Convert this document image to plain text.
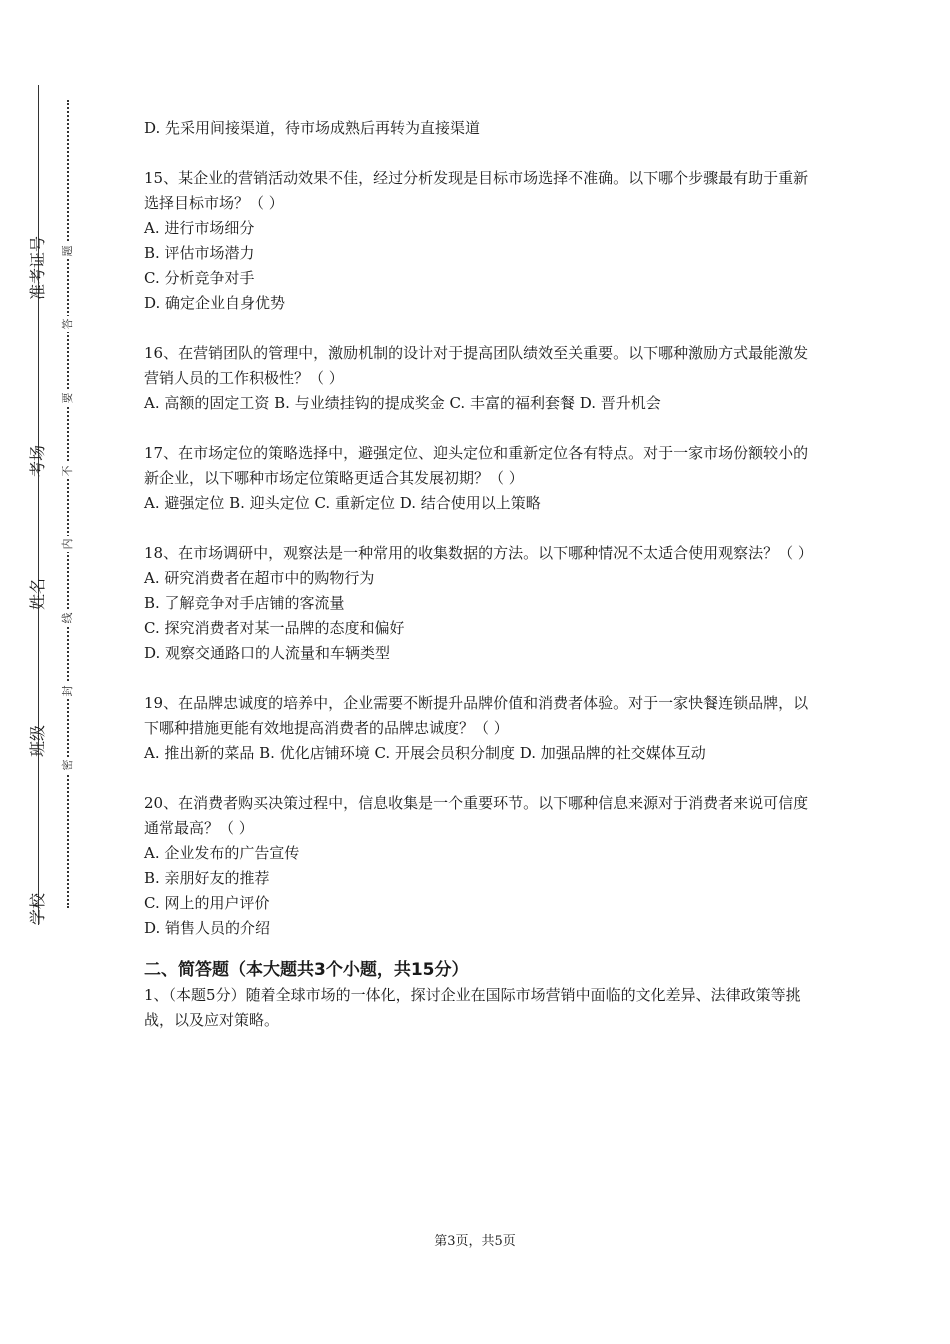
准考证号
考场
姓名
班级
学校
题
答
要
不
内
线
封
密

D. 先采用间接渠道，待市场成熟后再转为直接渠道

15、某企业的营销活动效果不佳，经过分析发现是目标市场选择不准确。以下哪个步骤最有助于重新选择目标市场？（ ）

A. 进行市场细分

B. 评估市场潜力

C. 分析竞争对手

D. 确定企业自身优势

16、在营销团队的管理中，激励机制的设计对于提高团队绩效至关重要。以下哪种激励方式最能激发营销人员的工作积极性？（ ）

A. 高额的固定工资 B. 与业绩挂钩的提成奖金 C. 丰富的福利套餐 D. 晋升机会

17、在市场定位的策略选择中，避强定位、迎头定位和重新定位各有特点。对于一家市场份额较小的新企业，以下哪种市场定位策略更适合其发展初期？（ ）

A. 避强定位 B. 迎头定位 C. 重新定位 D. 结合使用以上策略

18、在市场调研中，观察法是一种常用的收集数据的方法。以下哪种情况不太适合使用观察法？（ ）

A. 研究消费者在超市中的购物行为

B. 了解竞争对手店铺的客流量

C. 探究消费者对某一品牌的态度和偏好

D. 观察交通路口的人流量和车辆类型

19、在品牌忠诚度的培养中，企业需要不断提升品牌价值和消费者体验。对于一家快餐连锁品牌，以下哪种措施更能有效地提高消费者的品牌忠诚度？（ ）

A. 推出新的菜品 B. 优化店铺环境 C. 开展会员积分制度 D. 加强品牌的社交媒体互动

20、在消费者购买决策过程中，信息收集是一个重要环节。以下哪种信息来源对于消费者来说可信度通常最高？（ ）

A. 企业发布的广告宣传

B. 亲朋好友的推荐

C. 网上的用户评价

D. 销售人员的介绍

二、简答题（本大题共3个小题，共15分）

1、（本题5分）随着全球市场的一体化，探讨企业在国际市场营销中面临的文化差异、法律政策等挑战，以及应对策略。

第3页，共5页
